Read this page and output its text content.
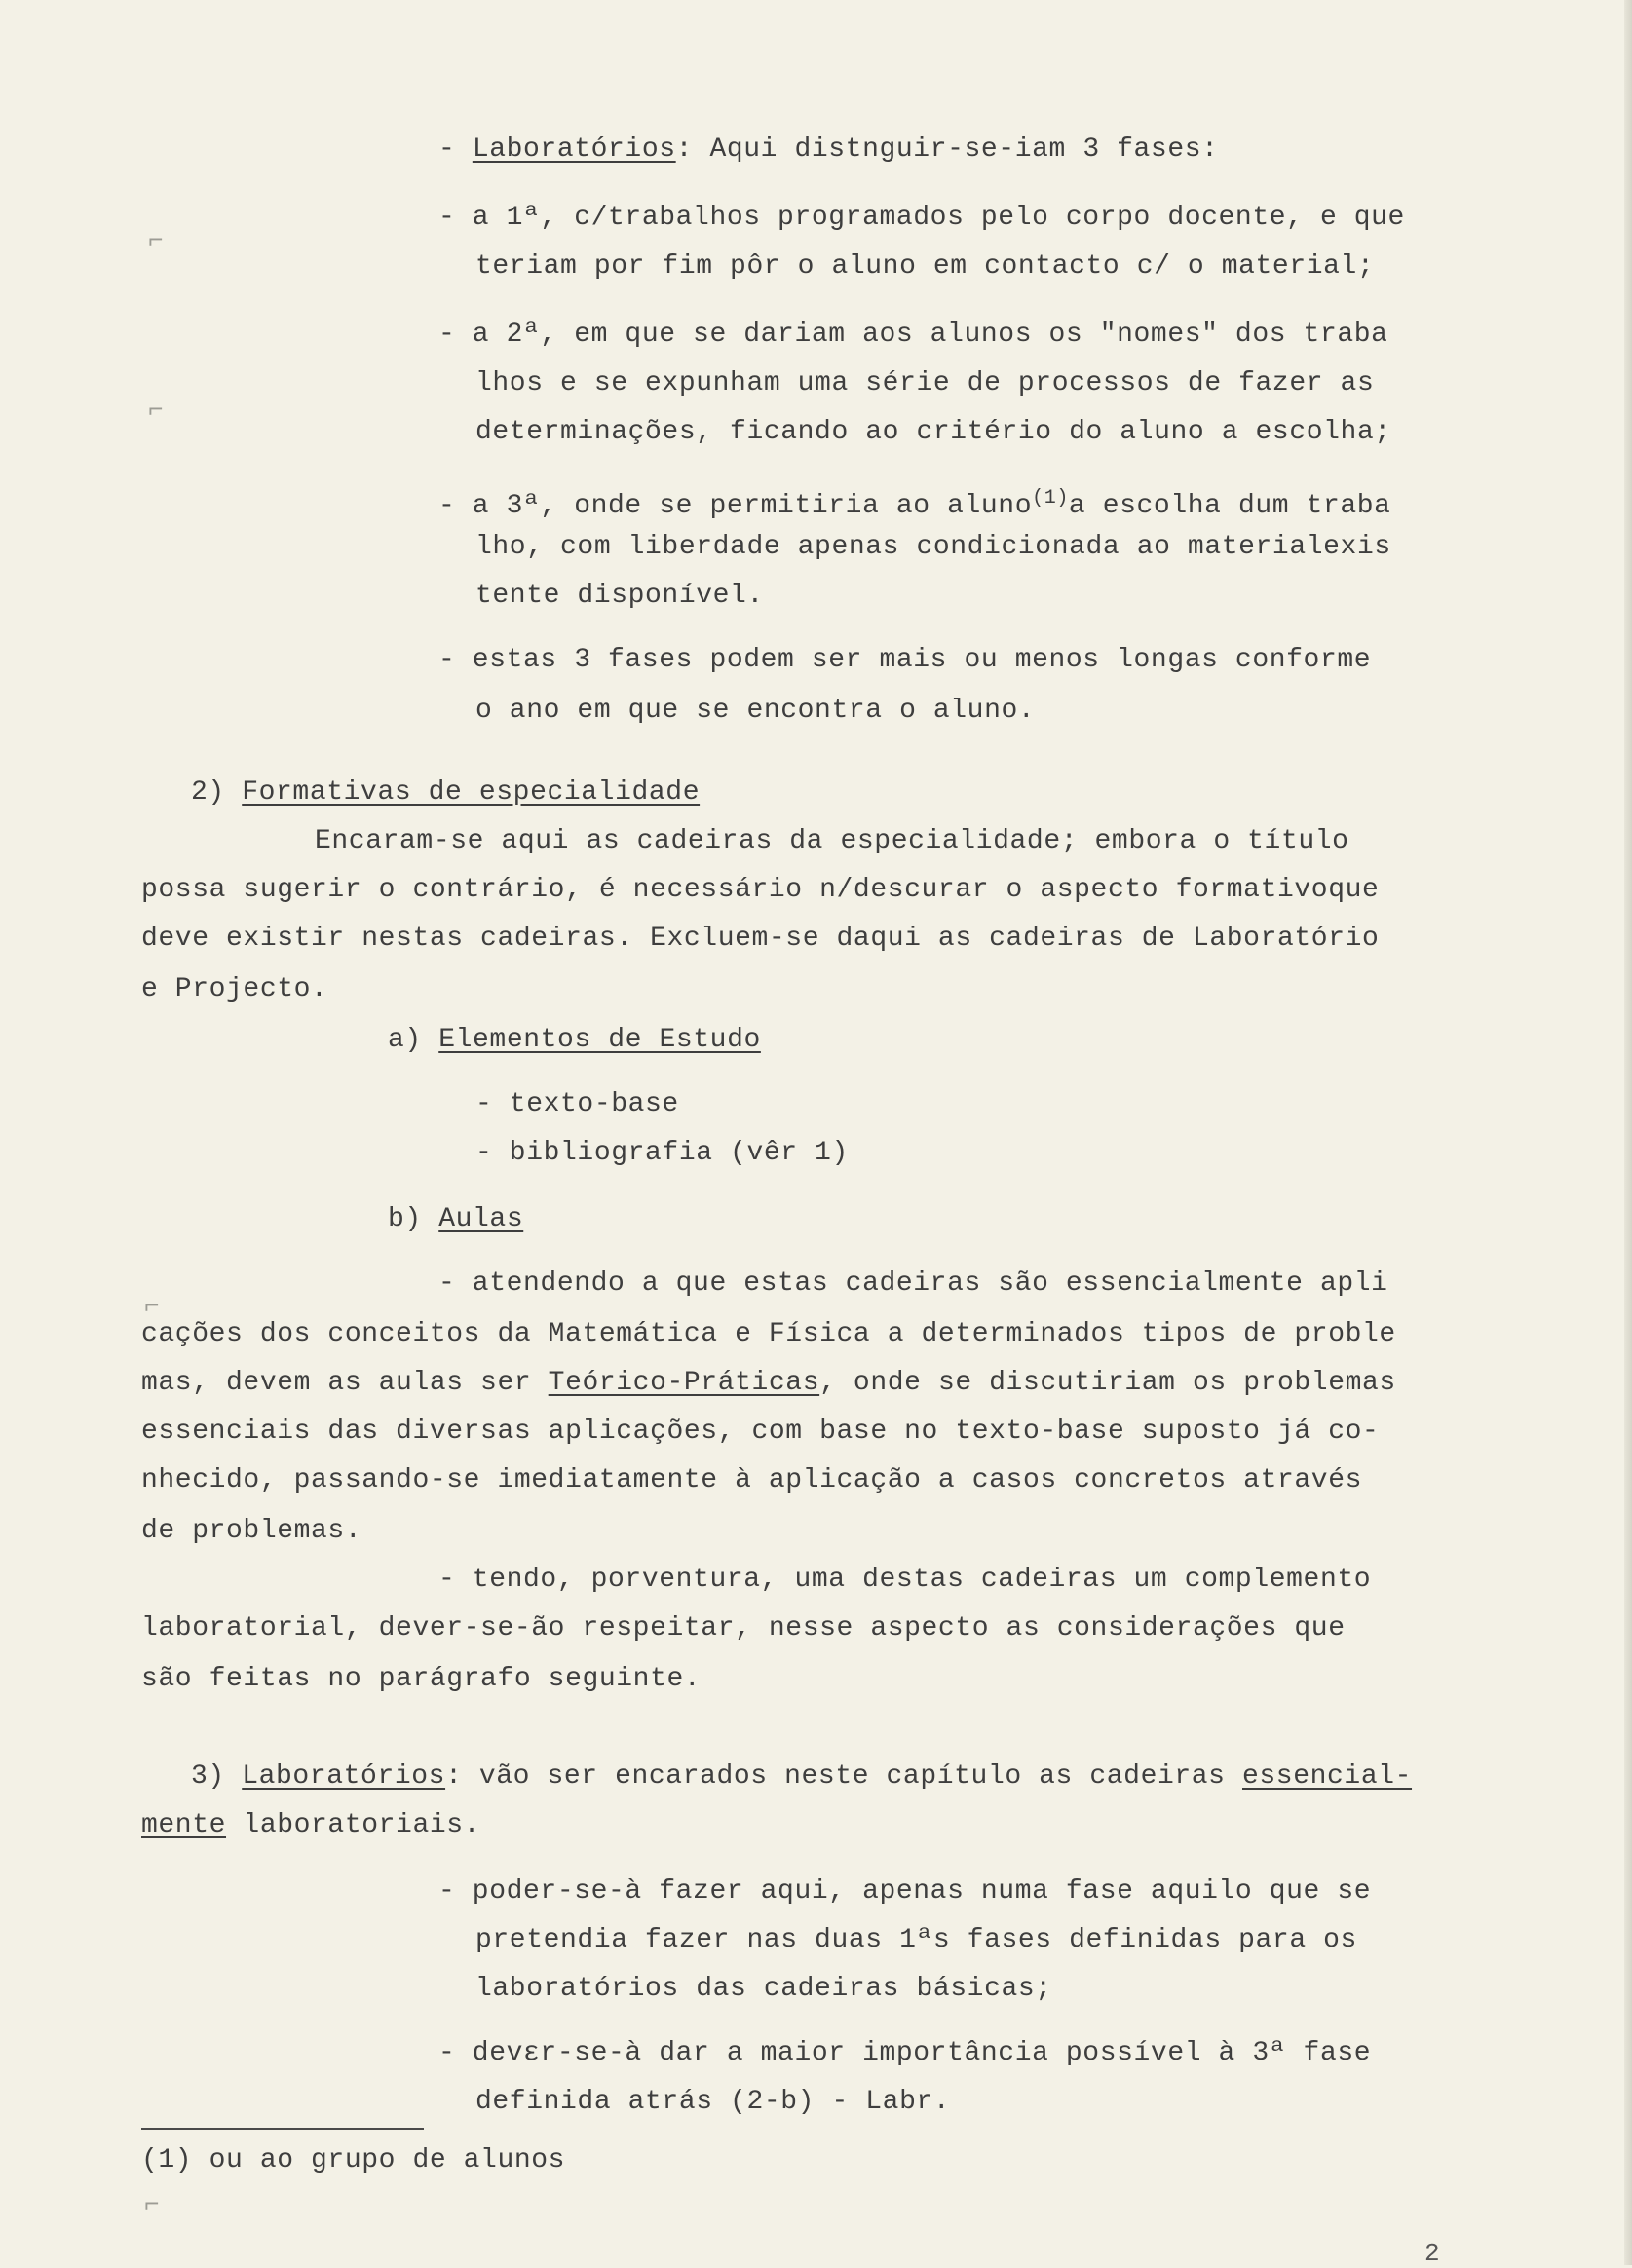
- Laboratórios: Aqui distnguir-se-iam 3 fases:
- a 1ª, c/trabalhos programados pelo corpo docente, e que
teriam por fim pôr o aluno em contacto c/ o material;
- a 2ª, em que se dariam aos alunos os "nomes" dos traba
lhos e se expunham uma série de processos de fazer as
determinações, ficando ao critério do aluno a escolha;
- a 3ª, onde se permitiria ao aluno$^{(1)}$a escolha dum traba
lho, com liberdade apenas condicionada ao materialexis
tente disponível.
- estas 3 fases podem ser mais ou menos longas conforme
o ano em que se encontra o aluno.
2) Formativas de especialidade
Encaram-se aqui as cadeiras da especialidade; embora o título
possa sugerir o contrário, é necessário n/descurar o aspecto formativoque
deve existir nestas cadeiras. Excluem-se daqui as cadeiras de Laboratório
e Projecto.
a) Elementos de Estudo
- texto-base
- bibliografia (vêr 1)
b) Aulas
- atendendo a que estas cadeiras são essencialmente apli
cações dos conceitos da Matemática e Física a determinados tipos de proble
mas, devem as aulas ser Teórico-Práticas, onde se discutiriam os problemas
essenciais das diversas aplicações, com base no texto-base suposto já co-
nhecido, passando-se imediatamente à aplicação a casos concretos através
de problemas.
- tendo, porventura, uma destas cadeiras um complemento
laboratorial, dever-se-ão respeitar, nesse aspecto as considerações que
são feitas no parágrafo seguinte.
3) Laboratórios: vão ser encarados neste capítulo as cadeiras essencial-
mente laboratoriais.
- poder-se-à fazer aqui, apenas numa fase aquilo que se
pretendia fazer nas duas 1ªs fases definidas para os
laboratórios das cadeiras básicas;
- devεr-se-à dar a maior importância possível à 3ª fase
definida atrás (2-b) - Labr.
(1) ou ao grupo de alunos
⌐
⌐
⌐
⌐
2
